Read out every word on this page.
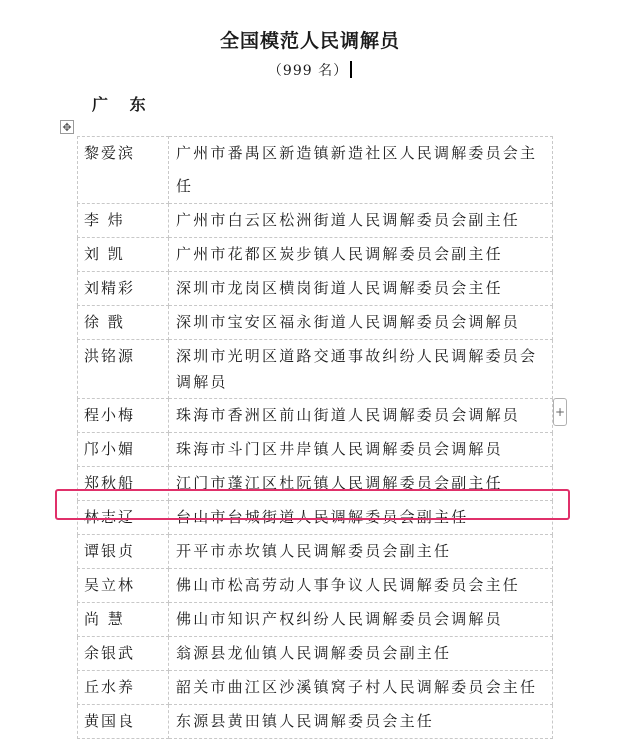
全国模范人民调解员
（999 名）
广 东
✥
黎爱滨	广州市番禺区新造镇新造社区人民调解委员会主任
李 炜	广州市白云区松洲街道人民调解委员会副主任
刘 凯	广州市花都区炭步镇人民调解委员会副主任
刘精彩	深圳市龙岗区横岗街道人民调解委员会主任
徐 戬	深圳市宝安区福永街道人民调解委员会调解员
洪铭源	深圳市光明区道路交通事故纠纷人民调解委员会调解员
程小梅	珠海市香洲区前山街道人民调解委员会调解员
邝小媚	珠海市斗门区井岸镇人民调解委员会调解员
郑秋船	江门市蓬江区杜阮镇人民调解委员会副主任
林志辽	台山市台城街道人民调解委员会副主任
谭银贞	开平市赤坎镇人民调解委员会副主任
吴立林	佛山市松高劳动人事争议人民调解委员会主任
尚 慧	佛山市知识产权纠纷人民调解委员会调解员
余银武	翁源县龙仙镇人民调解委员会副主任
丘水养	韶关市曲江区沙溪镇窝子村人民调解委员会主任
黄国良	东源县黄田镇人民调解委员会主任
+
